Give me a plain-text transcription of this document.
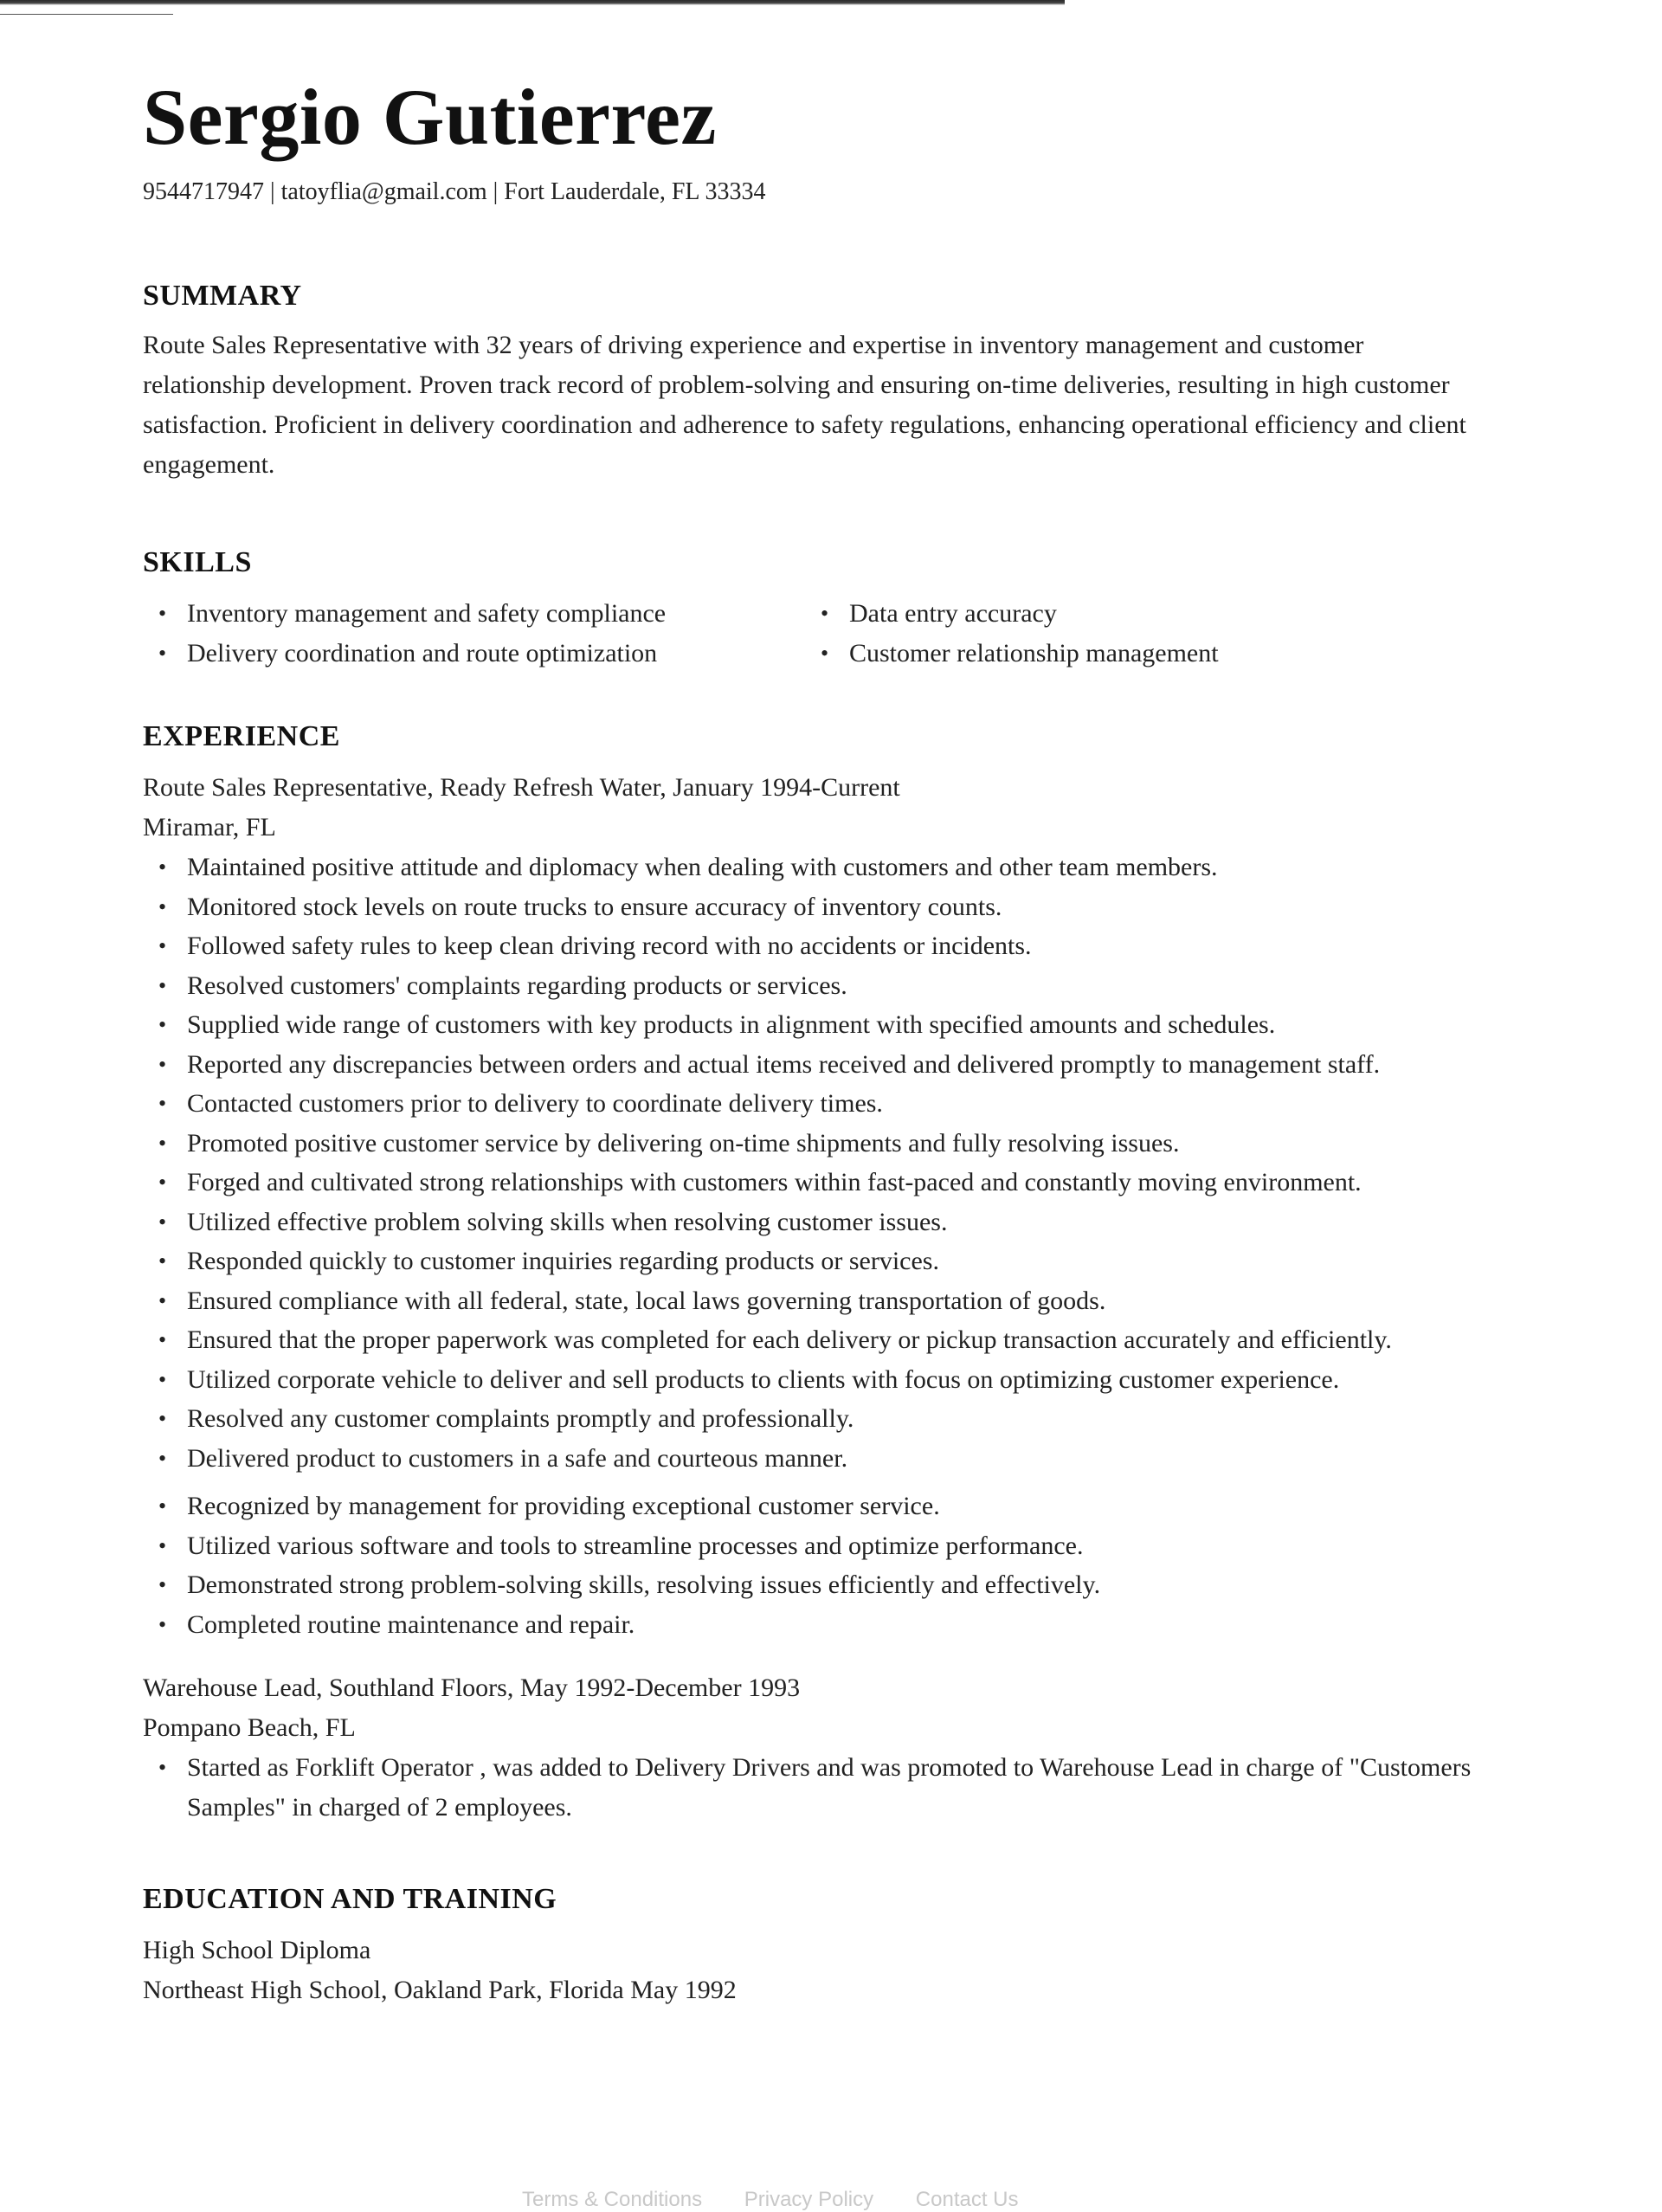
Sergio Gutierrez
9544717947 | tatoyflia@gmail.com | Fort Lauderdale, FL 33334
SUMMARY

Route Sales Representative with 32 years of driving experience and expertise in inventory management and customer relationship development. Proven track record of problem-solving and ensuring on-time deliveries, resulting in high customer satisfaction. Proficient in delivery coordination and adherence to safety regulations, enhancing operational efficiency and client engagement.

SKILLS
• Inventory management and safety compliance
• Delivery coordination and route optimization
• Data entry accuracy
• Customer relationship management
EXPERIENCE
Route Sales Representative, Ready Refresh Water, January 1994-Current
Miramar, FL
• Maintained positive attitude and diplomacy when dealing with customers and other team members.
• Monitored stock levels on route trucks to ensure accuracy of inventory counts.
• Followed safety rules to keep clean driving record with no accidents or incidents.
• Resolved customers' complaints regarding products or services.
• Supplied wide range of customers with key products in alignment with specified amounts and schedules.
• Reported any discrepancies between orders and actual items received and delivered promptly to management staff.
• Contacted customers prior to delivery to coordinate delivery times.
• Promoted positive customer service by delivering on-time shipments and fully resolving issues.
• Forged and cultivated strong relationships with customers within fast-paced and constantly moving environment.
• Utilized effective problem solving skills when resolving customer issues.
• Responded quickly to customer inquiries regarding products or services.
• Ensured compliance with all federal, state, local laws governing transportation of goods.
• Ensured that the proper paperwork was completed for each delivery or pickup transaction accurately and efficiently.
• Utilized corporate vehicle to deliver and sell products to clients with focus on optimizing customer experience.
• Resolved any customer complaints promptly and professionally.
• Delivered product to customers in a safe and courteous manner.
• Recognized by management for providing exceptional customer service.
• Utilized various software and tools to streamline processes and optimize performance.
• Demonstrated strong problem-solving skills, resolving issues efficiently and effectively.
• Completed routine maintenance and repair.
Warehouse Lead, Southland Floors, May 1992-December 1993
Pompano Beach, FL
• Started as Forklift Operator , was added to Delivery Drivers and was promoted to Warehouse Lead in charge of "Customers Samples" in charged of 2 employees.
EDUCATION AND TRAINING
High School Diploma
Northeast High School, Oakland Park, Florida May 1992
Terms & Conditions Privacy Policy Contact Us
